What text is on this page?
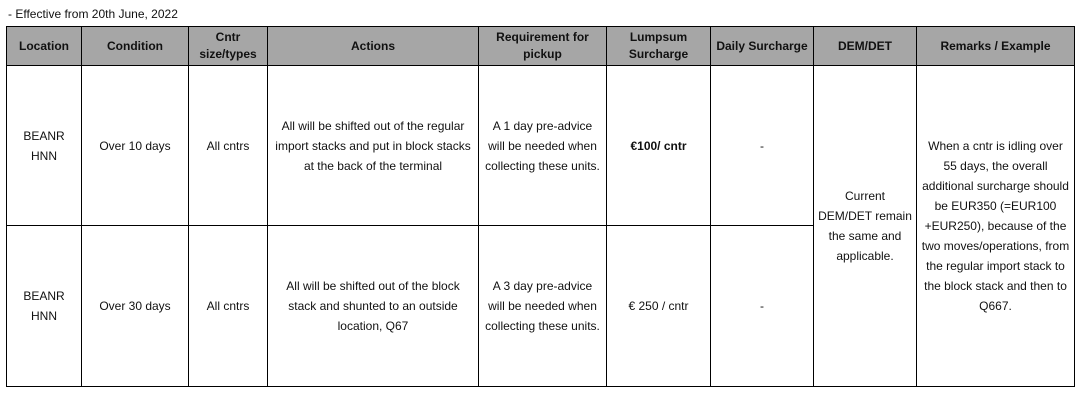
- Effective from 20th June, 2022
Location	Condition	Cntr size/types	Actions	Requirement for pickup	Lumpsum Surcharge	Daily Surcharge	DEM/DET	Remarks / Example
BEANR HNN	Over 10 days	All cntrs	All will be shifted out of the regular import stacks and put in block stacks at the back of the terminal	A 1 day pre-advice will be needed when collecting these units.	€100/ cntr	-	Current DEM/DET remain the same and applicable.	When a cntr is idling over 55 days, the overall additional surcharge should be EUR350 (=EUR100 +EUR250), because of the two moves/operations, from the regular import stack to the block stack and then to Q667.
BEANR HNN	Over 30 days	All cntrs	All will be shifted out of the block stack and shunted to an outside location, Q67	A 3 day pre-advice will be needed when collecting these units.	€ 250 / cntr	-		
